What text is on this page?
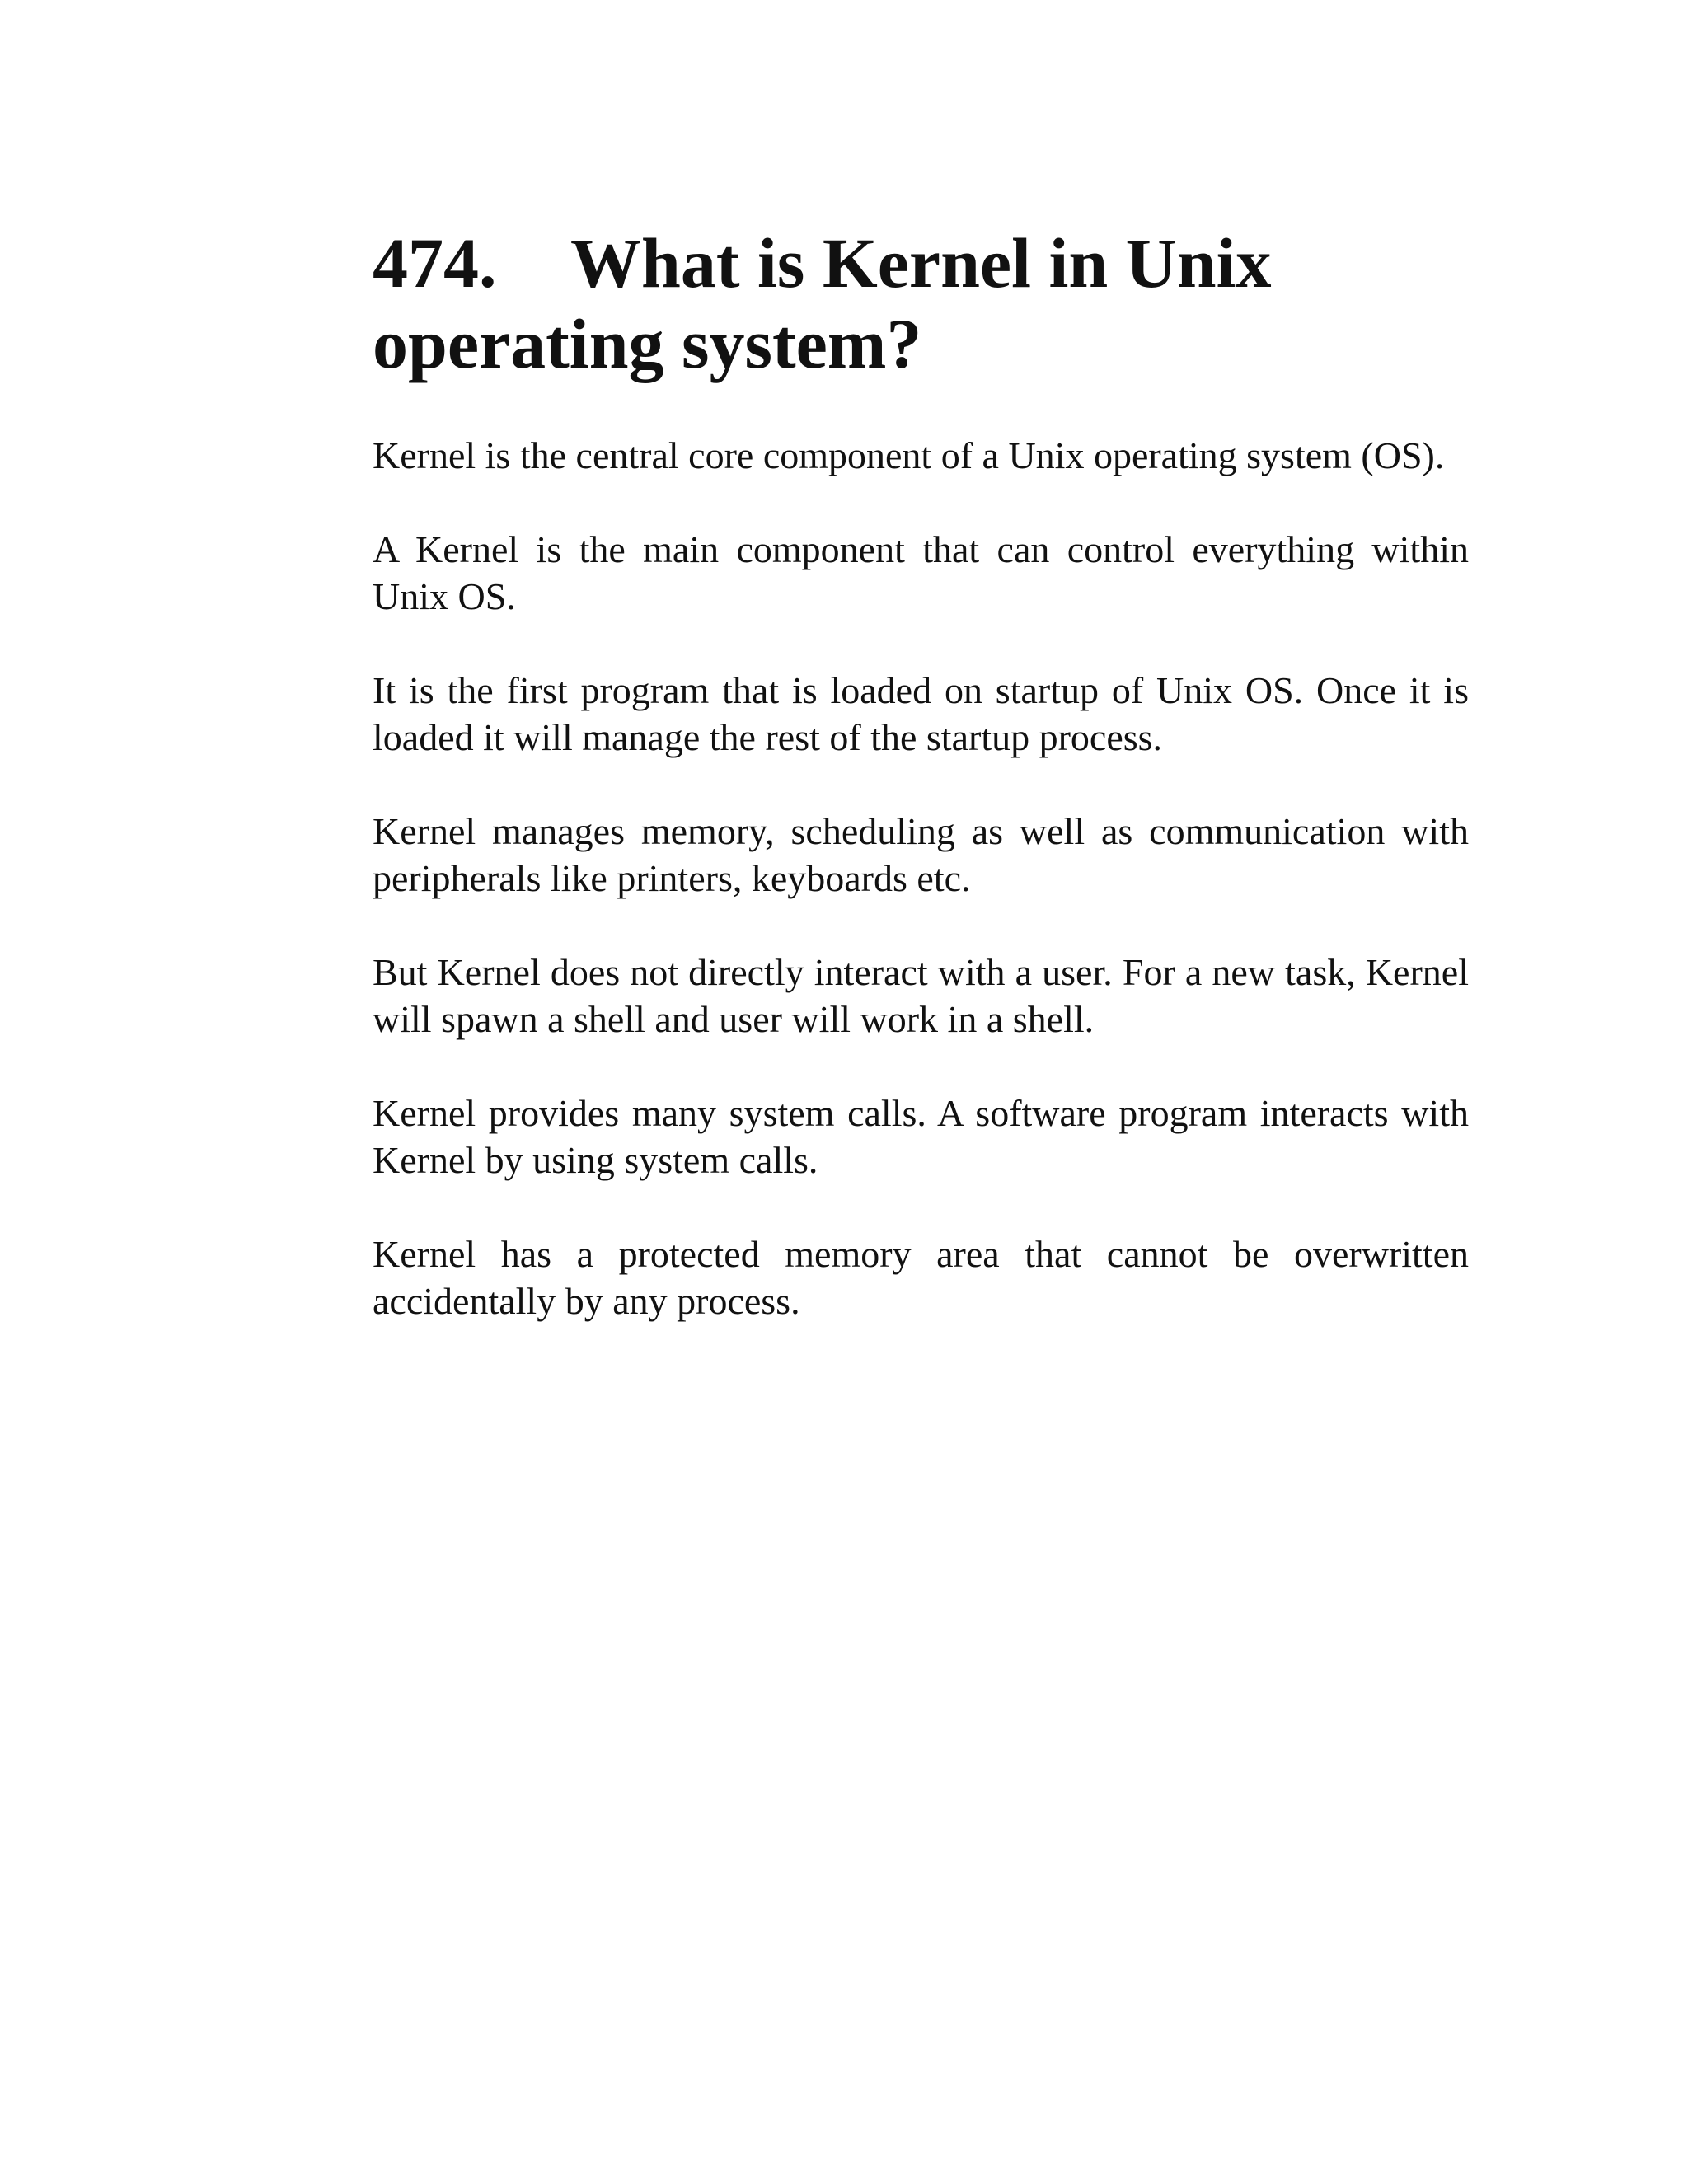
474. What is Kernel in Unix
operating system?

Kernel is the central core component of a Unix operating system (OS).

A Kernel is the main component that can control everything within Unix OS.

It is the first program that is loaded on startup of Unix OS. Once it is loaded it will manage the rest of the startup process.

Kernel manages memory, scheduling as well as communication with peripherals like printers, keyboards etc.

But Kernel does not directly interact with a user. For a new task, Kernel will spawn a shell and user will work in a shell.

Kernel provides many system calls. A software program interacts with Kernel by using system calls.

Kernel has a protected memory area that cannot be overwritten accidentally by any process.
